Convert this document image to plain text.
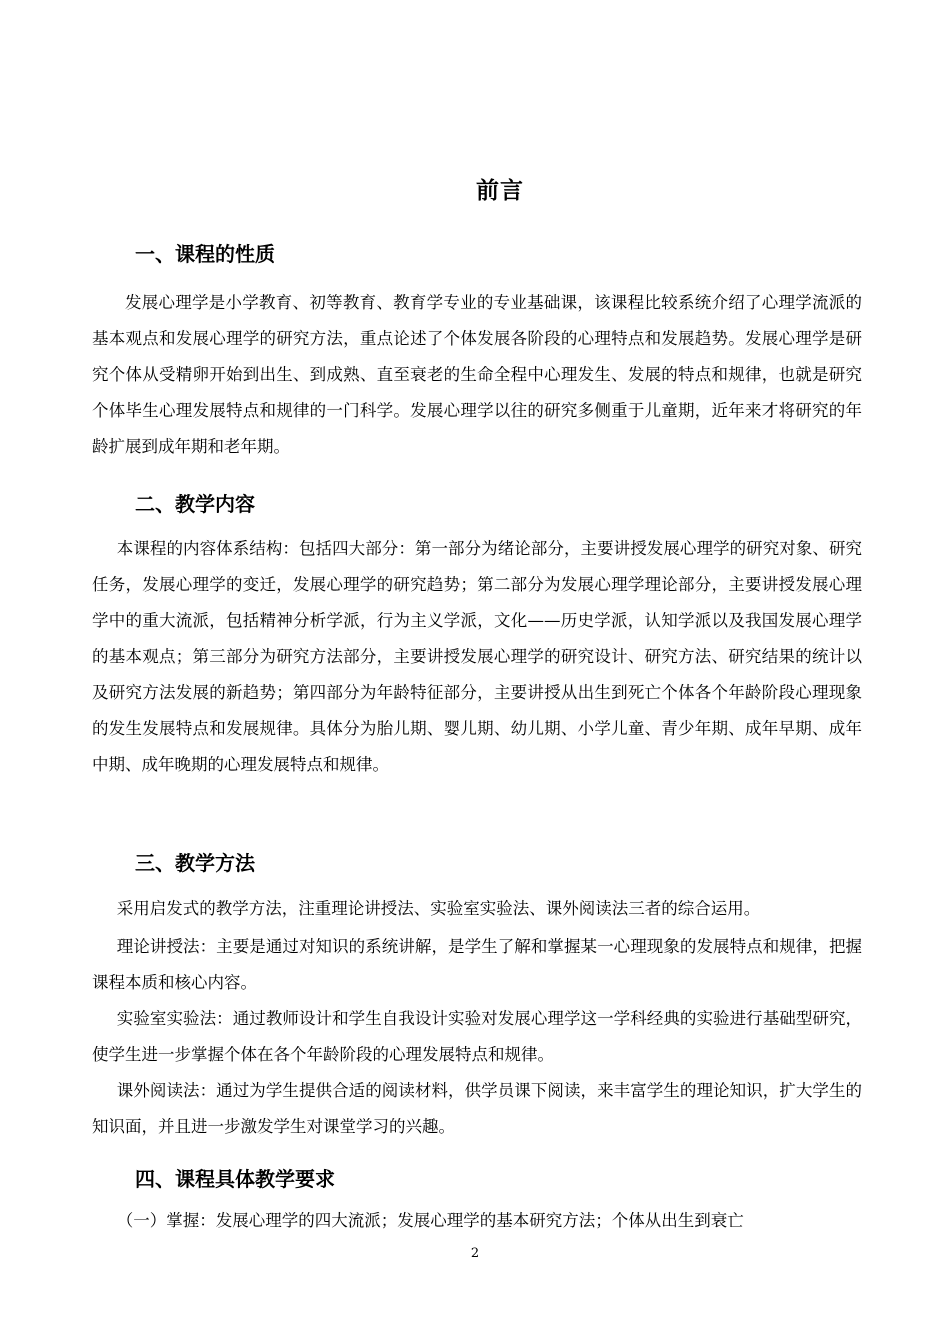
前言
一、课程的性质

发展心理学是小学教育、初等教育、教育学专业的专业基础课，该课程比较系统介绍了心理学流派的基本观点和发展心理学的研究方法，重点论述了个体发展各阶段的心理特点和发展趋势。发展心理学是研究个体从受精卵开始到出生、到成熟、直至衰老的生命全程中心理发生、发展的特点和规律，也就是研究个体毕生心理发展特点和规律的一门科学。发展心理学以往的研究多侧重于儿童期，近年来才将研究的年龄扩展到成年期和老年期。

二、教学内容

本课程的内容体系结构：包括四大部分：第一部分为绪论部分，主要讲授发展心理学的研究对象、研究任务，发展心理学的变迁，发展心理学的研究趋势；第二部分为发展心理学理论部分，主要讲授发展心理学中的重大流派，包括精神分析学派，行为主义学派，文化——历史学派，认知学派以及我国发展心理学的基本观点；第三部分为研究方法部分，主要讲授发展心理学的研究设计、研究方法、研究结果的统计以及研究方法发展的新趋势；第四部分为年龄特征部分，主要讲授从出生到死亡个体各个年龄阶段心理现象的发生发展特点和发展规律。具体分为胎儿期、婴儿期、幼儿期、小学儿童、青少年期、成年早期、成年中期、成年晚期的心理发展特点和规律。

三、教学方法

采用启发式的教学方法，注重理论讲授法、实验室实验法、课外阅读法三者的综合运用。

理论讲授法：主要是通过对知识的系统讲解，是学生了解和掌握某一心理现象的发展特点和规律，把握课程本质和核心内容。

实验室实验法：通过教师设计和学生自我设计实验对发展心理学这一学科经典的实验进行基础型研究，使学生进一步掌握个体在各个年龄阶段的心理发展特点和规律。

课外阅读法：通过为学生提供合适的阅读材料，供学员课下阅读，来丰富学生的理论知识，扩大学生的知识面，并且进一步激发学生对课堂学习的兴趣。

四、课程具体教学要求

（一）掌握：发展心理学的四大流派；发展心理学的基本研究方法；个体从出生到衰亡

2
